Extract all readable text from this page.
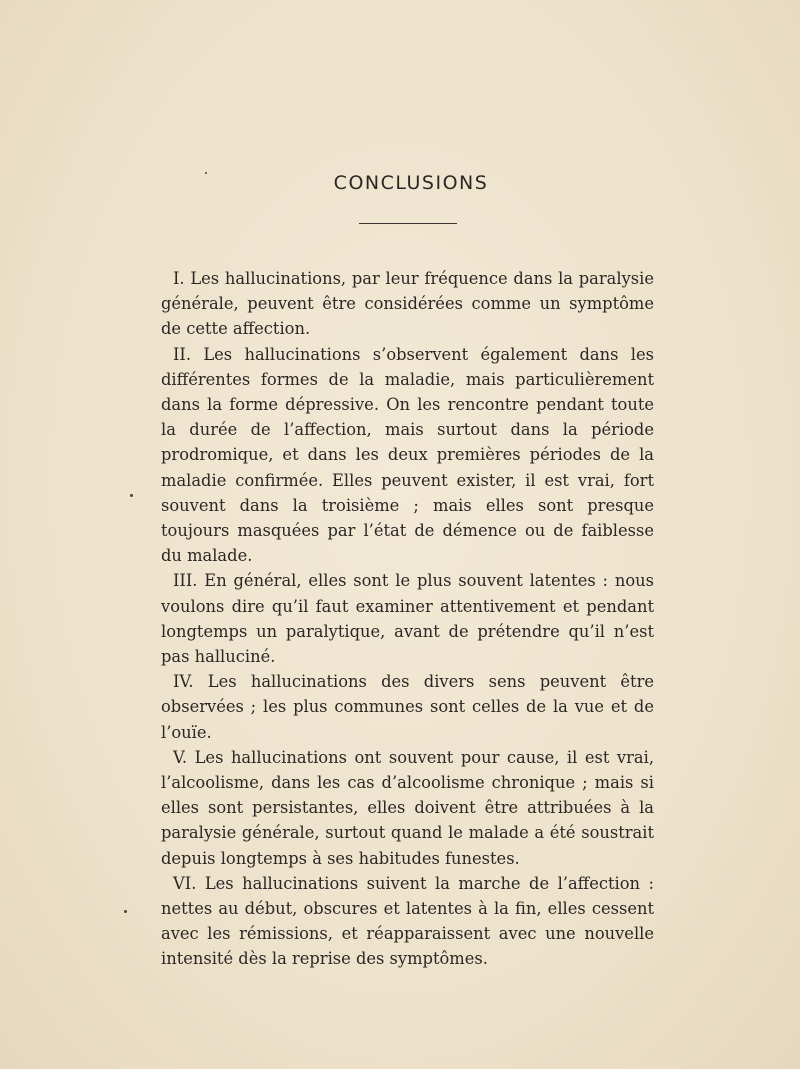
CONCLUSIONS

I. Les hallucinations, par leur fréquence dans la paralysie générale, peuvent être considérées comme un symptôme de cette affection.

II. Les hallucinations s’observent également dans les différentes formes de la maladie, mais particulièrement dans la forme dépressive. On les rencontre pendant toute la durée de l’affection, mais surtout dans la période prodromique, et dans les deux premières périodes de la maladie confirmée. Elles peuvent exister, il est vrai, fort souvent dans la troisième ; mais elles sont presque toujours masquées par l’état de démence ou de faiblesse du malade.

III. En général, elles sont le plus souvent latentes : nous voulons dire qu’il faut examiner attentivement et pendant longtemps un paralytique, avant de prétendre qu’il n’est pas halluciné.

IV. Les hallucinations des divers sens peuvent être observées ; les plus communes sont celles de la vue et de l’ouïe.

V. Les hallucinations ont souvent pour cause, il est vrai, l’alcoolisme, dans les cas d’alcoolisme chronique ; mais si elles sont persistantes, elles doivent être attribuées à la paralysie générale, surtout quand le malade a été soustrait depuis longtemps à ses habitudes funestes.

VI. Les hallucinations suivent la marche de l’affection : nettes au début, obscures et latentes à la fin, elles cessent avec les rémissions, et réapparaissent avec une nouvelle intensité dès la reprise des symptômes.
